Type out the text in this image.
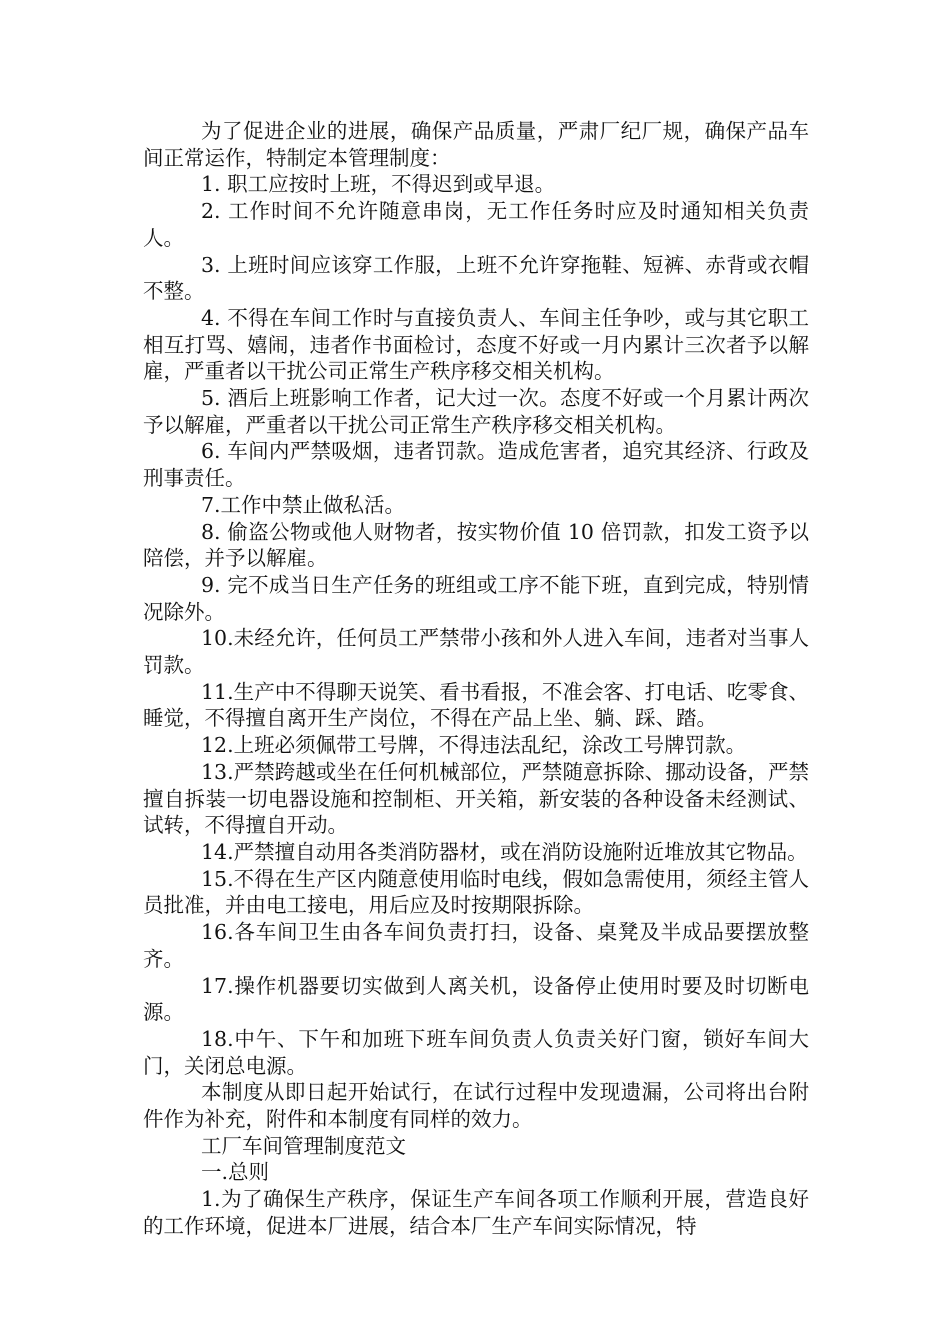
为了促进企业的进展，确保产品质量，严肃厂纪厂规，确保产品车间正常运作，特制定本管理制度：

1. 职工应按时上班，不得迟到或早退。

2. 工作时间不允许随意串岗，无工作任务时应及时通知相关负责人。

3. 上班时间应该穿工作服，上班不允许穿拖鞋、短裤、赤背或衣帽不整。

4. 不得在车间工作时与直接负责人、车间主任争吵，或与其它职工相互打骂、嬉闹，违者作书面检讨，态度不好或一月内累计三次者予以解雇，严重者以干扰公司正常生产秩序移交相关机构。

5. 酒后上班影响工作者，记大过一次。态度不好或一个月累计两次予以解雇，严重者以干扰公司正常生产秩序移交相关机构。

6. 车间内严禁吸烟，违者罚款。造成危害者，追究其经济、行政及刑事责任。

7.工作中禁止做私活。

8. 偷盗公物或他人财物者，按实物价值 10 倍罚款，扣发工资予以陪偿，并予以解雇。

9. 完不成当日生产任务的班组或工序不能下班，直到完成，特别情况除外。

10.未经允许，任何员工严禁带小孩和外人进入车间，违者对当事人罚款。

11.生产中不得聊天说笑、看书看报，不准会客、打电话、吃零食、睡觉，不得擅自离开生产岗位，不得在产品上坐、躺、踩、踏。

12.上班必须佩带工号牌，不得违法乱纪，涂改工号牌罚款。

13.严禁跨越或坐在任何机械部位，严禁随意拆除、挪动设备，严禁擅自拆装一切电器设施和控制柜、开关箱，新安装的各种设备未经测试、试转，不得擅自开动。

14.严禁擅自动用各类消防器材，或在消防设施附近堆放其它物品。

15.不得在生产区内随意使用临时电线，假如急需使用，须经主管人员批准，并由电工接电，用后应及时按期限拆除。

16.各车间卫生由各车间负责打扫，设备、桌凳及半成品要摆放整齐。

17.操作机器要切实做到人离关机，设备停止使用时要及时切断电源。

18.中午、下午和加班下班车间负责人负责关好门窗，锁好车间大门，关闭总电源。

本制度从即日起开始试行，在试行过程中发现遗漏，公司将出台附件作为补充，附件和本制度有同样的效力。

工厂车间管理制度范文

一.总则

1.为了确保生产秩序，保证生产车间各项工作顺利开展，营造良好的工作环境，促进本厂进展，结合本厂生产车间实际情况，特
